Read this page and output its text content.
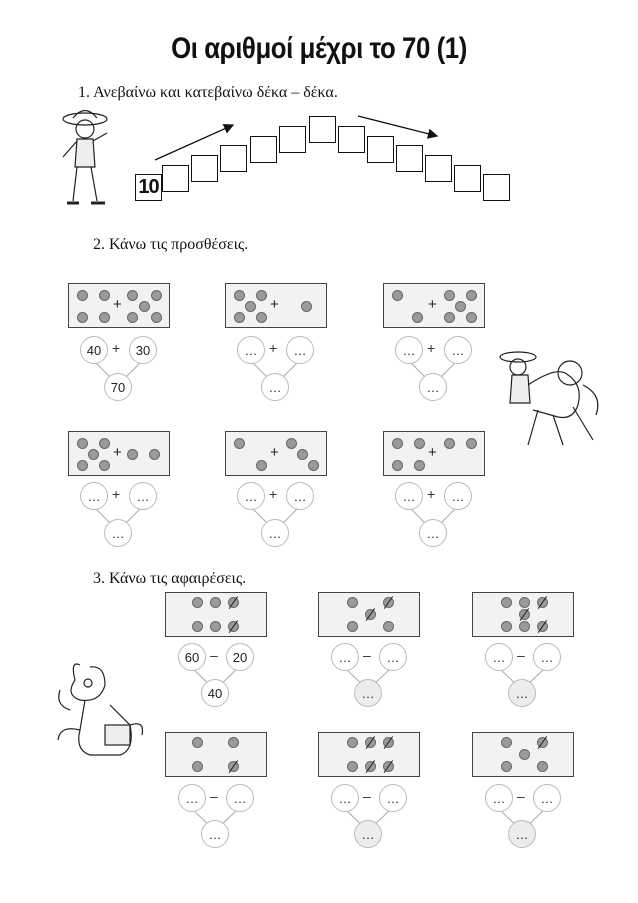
Οι αριθμοί μέχρι το 70 (1)
1. Ανεβαίνω και κατεβαίνω δέκα – δέκα.
2. Κάνω τις προσθέσεις.
3. Κάνω τις αφαιρέσεις.
10
+	+	+
+	+	+
40 +	30
70
… +	…
…
… +	…
…
… +	…
…
… +	…
…
… +	…
…
60 –	20
40
… –	…
…
… –	…
…
… –	…
…
… –	…
…
… –	…
…
